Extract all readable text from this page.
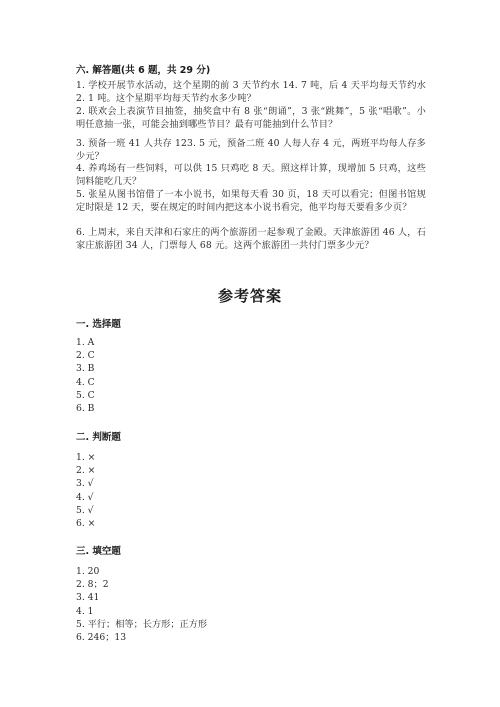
六. 解答题(共 6 题，共 29 分)
1. 学校开展节水活动，这个星期的前 3 天节约水 14. 7 吨，后 4 天平均每天节约水 2. 1 吨。这个星期平均每天节约水多少吨？
2. 联欢会上表演节目抽签，抽奖盒中有 8 张“朗诵”，3 张“跳舞”，5 张“唱歌”。小明任意抽一张，可能会抽到哪些节目？最有可能抽到什么节目？
3. 预备一班 41 人共存 123. 5 元，预备二班 40 人每人存 4 元，两班平均每人存多少元？
4. 养鸡场有一些饲料，可以供 15 只鸡吃 8 天。照这样计算，现增加 5 只鸡，这些饲料能吃几天？
5. 张星从图书馆借了一本小说书，如果每天看 30 页，18 天可以看完；但图书馆规定时限是 12 天，要在规定的时间内把这本小说书看完，他平均每天要看多少页？
6. 上周末，来自天津和石家庄的两个旅游团一起参观了金殿。天津旅游团 46 人，石家庄旅游团 34 人，门票每人 68 元。这两个旅游团一共付门票多少元？
参考答案
一. 选择题
1. A
2. C
3. B
4. C
5. C
6. B
二. 判断题
1. ×
2. ×
3. √
4. √
5. √
6. ×
三. 填空题
1. 20
2. 8；2
3. 41
4. 1
5. 平行；相等；长方形；正方形
6. 246；13
